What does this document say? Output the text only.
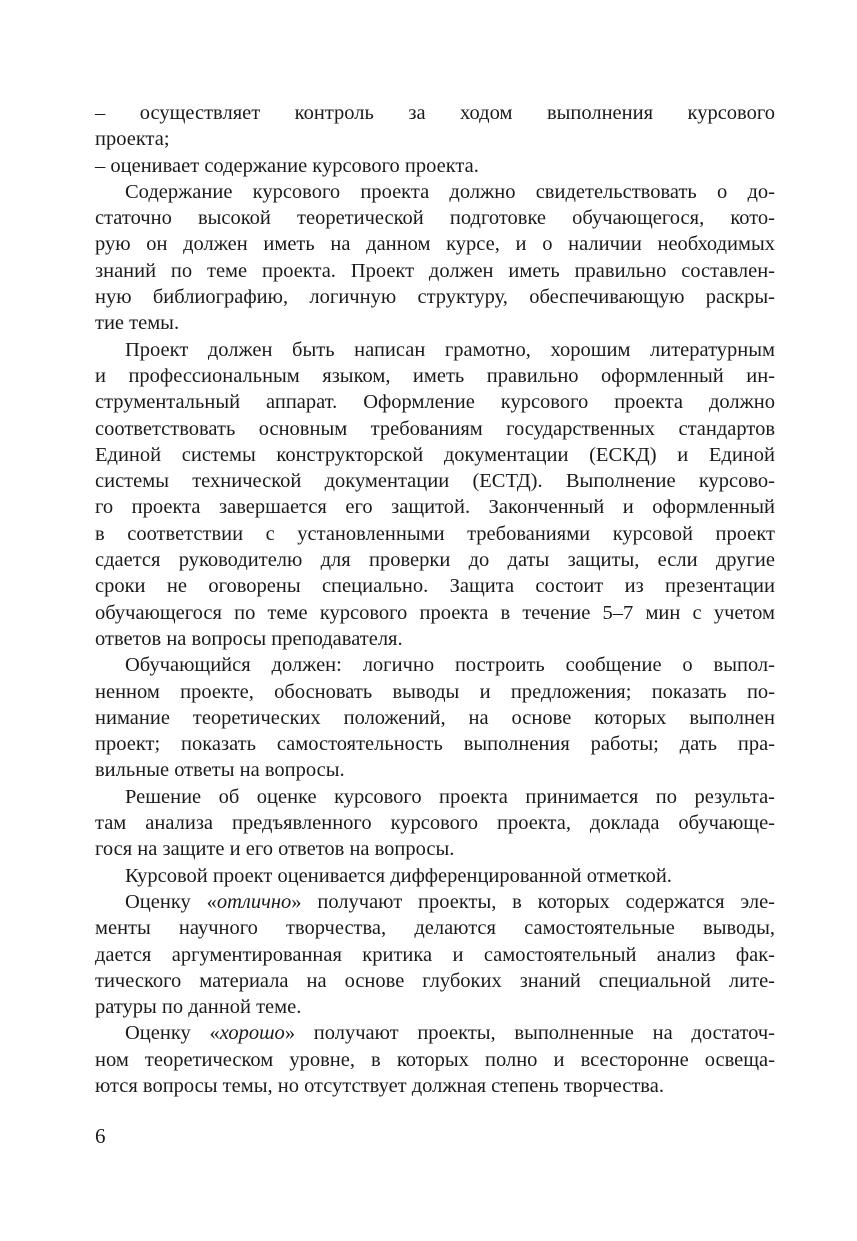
– осуществляет контроль за ходом выполнения курсового
проекта;
– оценивает содержание курсового проекта.
Содержание курсового проекта должно свидетельствовать о до-
статочно высокой теоретической подготовке обучающегося, кото-
рую он должен иметь на данном курсе, и о наличии необходимых
знаний по теме проекта. Проект должен иметь правильно составлен-
ную библиографию, логичную структуру, обеспечивающую раскры-
тие темы.
Проект должен быть написан грамотно, хорошим литературным
и профессиональным языком, иметь правильно оформленный ин-
струментальный аппарат. Оформление курсового проекта должно
соответствовать основным требованиям государственных стандартов
Единой системы конструкторской документации (ЕСКД) и Единой
системы технической документации (ЕСТД). Выполнение курсово-
го проекта завершается его защитой. Законченный и оформленный
в соответствии с установленными требованиями курсовой проект
сдается руководителю для проверки до даты защиты, если другие
сроки не оговорены специально. Защита состоит из презентации
обучающегося по теме курсового проекта в течение 5–7 мин с учетом
ответов на вопросы преподавателя.
Обучающийся должен: логично построить сообщение о выпол-
ненном проекте, обосновать выводы и предложения; показать по-
нимание теоретических положений, на основе которых выполнен
проект; показать самостоятельность выполнения работы; дать пра-
вильные ответы на вопросы.
Решение об оценке курсового проекта принимается по результа-
там анализа предъявленного курсового проекта, доклада обучающе-
гося на защите и его ответов на вопросы.
Курсовой проект оценивается дифференцированной отметкой.
Оценку «отлично» получают проекты, в которых содержатся эле-
менты научного творчества, делаются самостоятельные выводы,
дается аргументированная критика и самостоятельный анализ фак-
тического материала на основе глубоких знаний специальной лите-
ратуры по данной теме.
Оценку «хорошо» получают проекты, выполненные на достаточ-
ном теоретическом уровне, в которых полно и всесторонне освеща-
ются вопросы темы, но отсутствует должная степень творчества.
6
